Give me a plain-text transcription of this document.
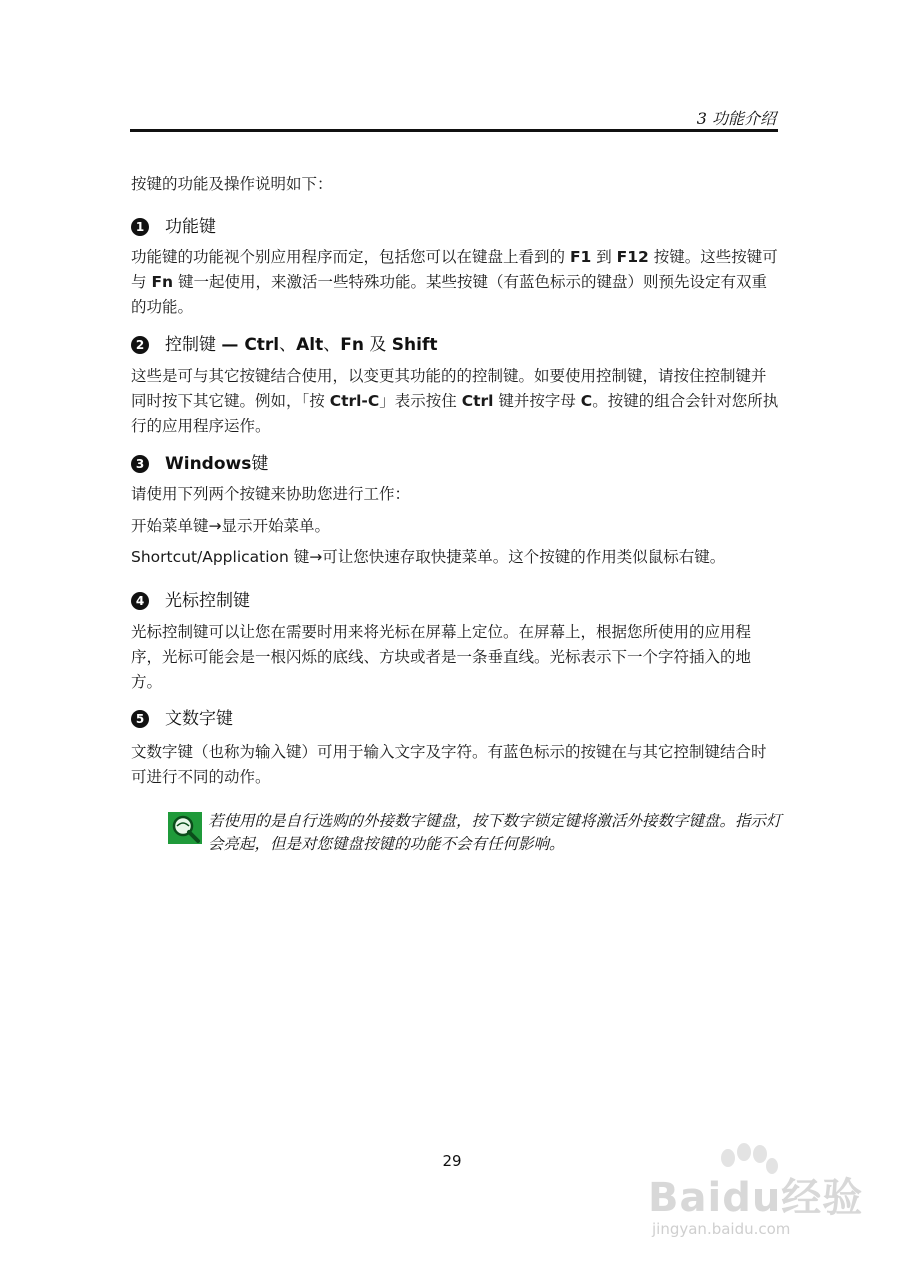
3 功能介绍
按键的功能及操作说明如下：
1 功能键
功能键的功能视个别应用程序而定，包括您可以在键盘上看到的 F1 到 F12 按键。这些按键可与 Fn 键一起使用，来激活一些特殊功能。某些按键（有蓝色标示的键盘）则预先设定有双重的功能。
2 控制键 — Ctrl、Alt、Fn 及 Shift
这些是可与其它按键结合使用，以变更其功能的的控制键。如要使用控制键，请按住控制键并同时按下其它键。例如，「按 Ctrl-C」表示按住 Ctrl 键并按字母 C。按键的组合会针对您所执行的应用程序运作。
3 Windows 键
请使用下列两个按键来协助您进行工作：
开始菜单键→显示开始菜单。
Shortcut/Application 键→可让您快速存取快捷菜单。这个按键的作用类似鼠标右键。
4 光标控制键
光标控制键可以让您在需要时用来将光标在屏幕上定位。在屏幕上，根据您所使用的应用程序，光标可能会是一根闪烁的底线、方块或者是一条垂直线。光标表示下一个字符插入的地方。
5 文数字键
文数字键（也称为输入键）可用于输入文字及字符。有蓝色标示的按键在与其它控制键结合时可进行不同的动作。
若使用的是自行选购的外接数字键盘，按下数字锁定键将激活外接数字键盘。指示灯会亮起，但是对您键盘按键的功能不会有任何影响。
29
Baidu经验
jingyan.baidu.com
